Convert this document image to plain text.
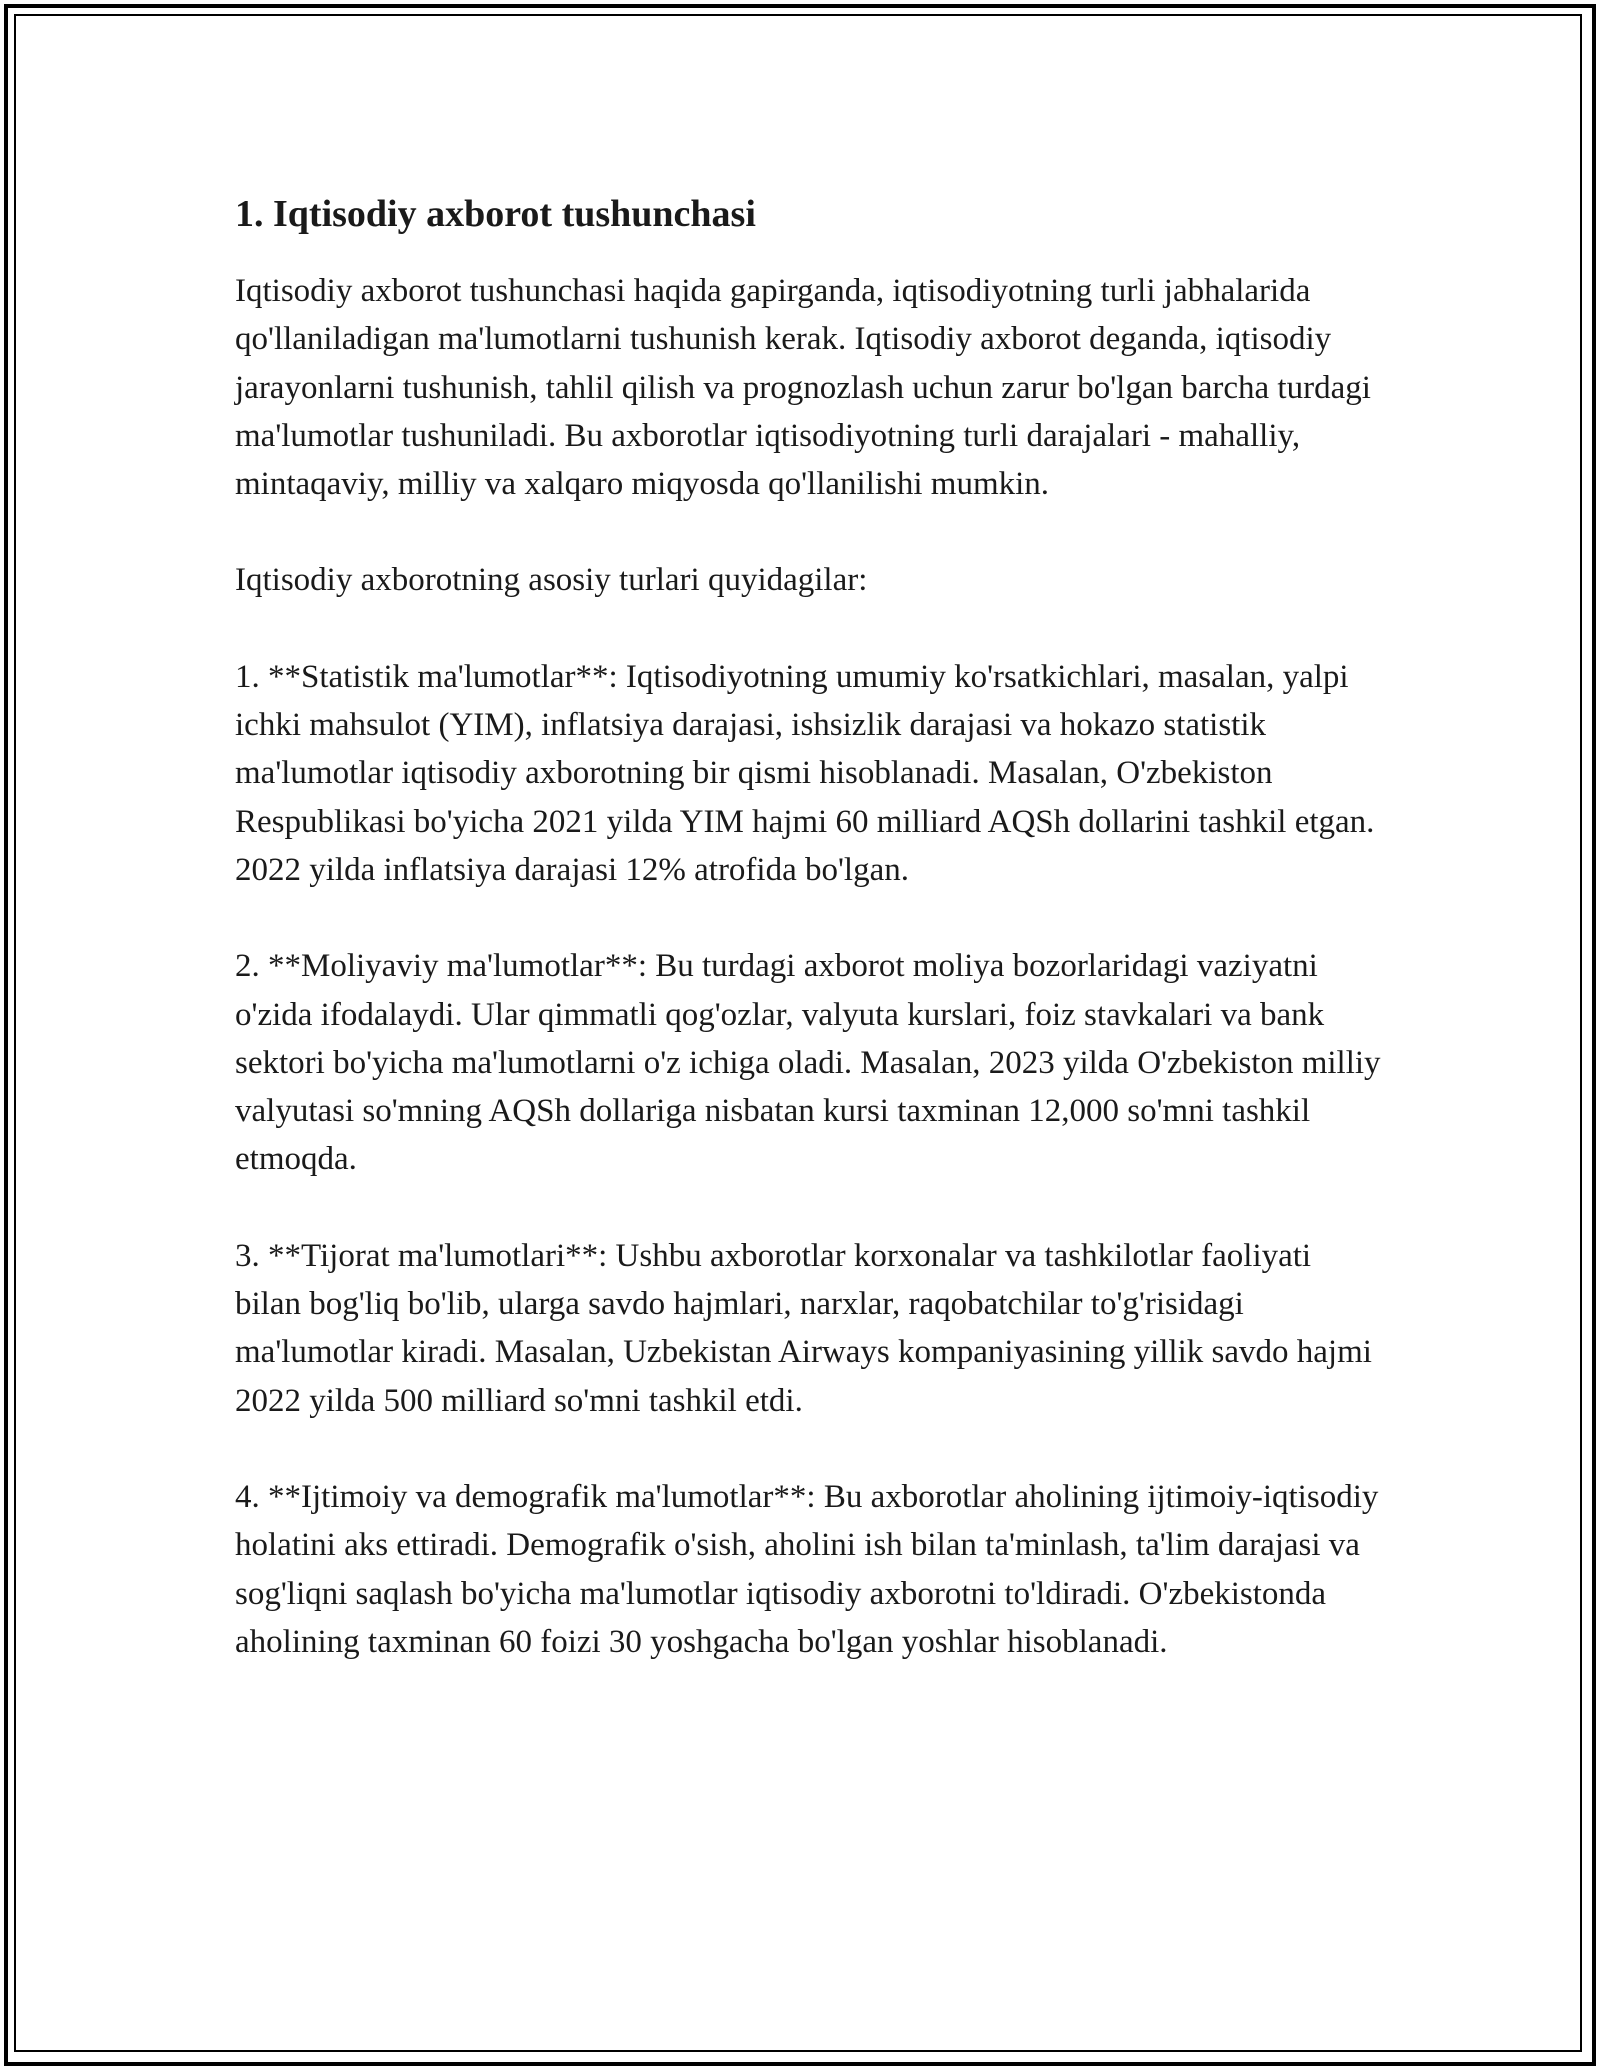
1. Iqtisodiy axborot tushunchasi

Iqtisodiy axborot tushunchasi haqida gapirganda, iqtisodiyotning turli jabhalarida qo'llaniladigan ma'lumotlarni tushunish kerak. Iqtisodiy axborot deganda, iqtisodiy jarayonlarni tushunish, tahlil qilish va prognozlash uchun zarur bo'lgan barcha turdagi ma'lumotlar tushuniladi. Bu axborotlar iqtisodiyotning turli darajalari - mahalliy, mintaqaviy, milliy va xalqaro miqyosda qo'llanilishi mumkin.

Iqtisodiy axborotning asosiy turlari quyidagilar:

1. **Statistik ma'lumotlar**: Iqtisodiyotning umumiy ko'rsatkichlari, masalan, yalpi ichki mahsulot (YIM), inflatsiya darajasi, ishsizlik darajasi va hokazo statistik ma'lumotlar iqtisodiy axborotning bir qismi hisoblanadi. Masalan, O'zbekiston Respublikasi bo'yicha 2021 yilda YIM hajmi 60 milliard AQSh dollarini tashkil etgan. 2022 yilda inflatsiya darajasi 12% atrofida bo'lgan.

2. **Moliyaviy ma'lumotlar**: Bu turdagi axborot moliya bozorlaridagi vaziyatni o'zida ifodalaydi. Ular qimmatli qog'ozlar, valyuta kurslari, foiz stavkalari va bank sektori bo'yicha ma'lumotlarni o'z ichiga oladi. Masalan, 2023 yilda O'zbekiston milliy valyutasi so'mning AQSh dollariga nisbatan kursi taxminan 12,000 so'mni tashkil etmoqda.

3. **Tijorat ma'lumotlari**: Ushbu axborotlar korxonalar va tashkilotlar faoliyati bilan bog'liq bo'lib, ularga savdo hajmlari, narxlar, raqobatchilar to'g'risidagi ma'lumotlar kiradi. Masalan, Uzbekistan Airways kompaniyasining yillik savdo hajmi 2022 yilda 500 milliard so'mni tashkil etdi.

4. **Ijtimoiy va demografik ma'lumotlar**: Bu axborotlar aholining ijtimoiy-iqtisodiy holatini aks ettiradi. Demografik o'sish, aholini ish bilan ta'minlash, ta'lim darajasi va sog'liqni saqlash bo'yicha ma'lumotlar iqtisodiy axborotni to'ldiradi. O'zbekistonda aholining taxminan 60 foizi 30 yoshgacha bo'lgan yoshlar hisoblanadi.
